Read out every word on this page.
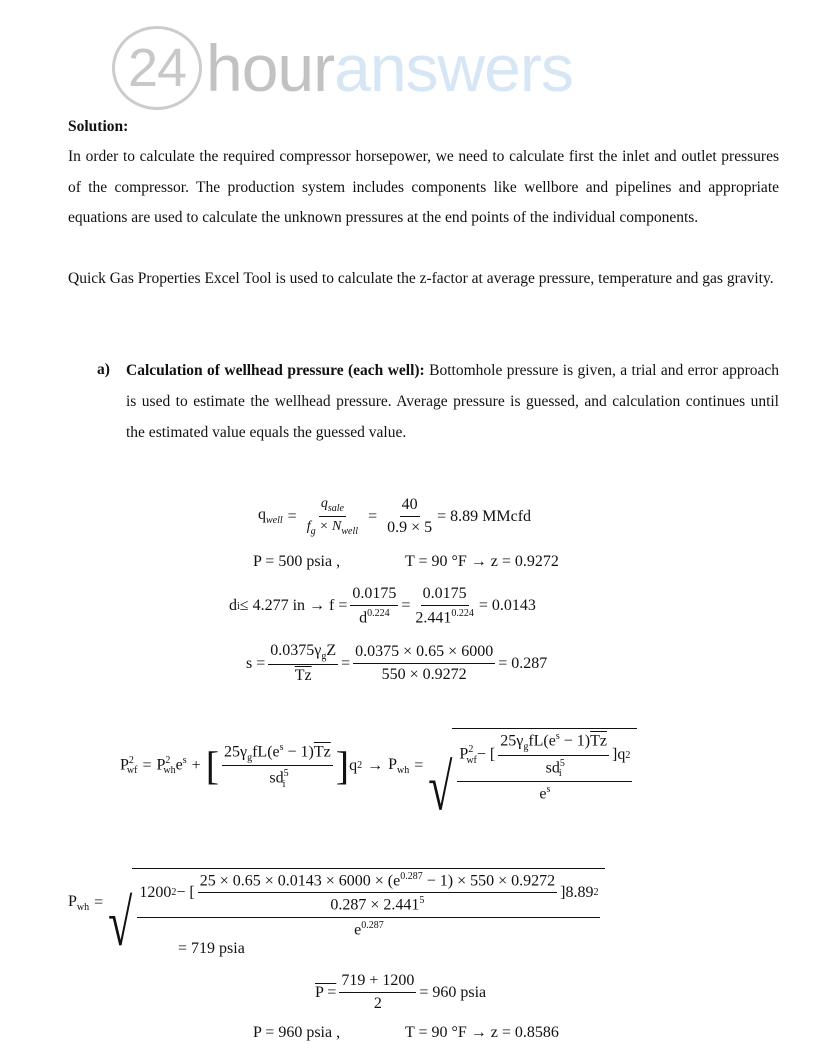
24 hour answers
Solution:
In order to calculate the required compressor horsepower, we need to calculate first the inlet and outlet pressures of the compressor. The production system includes components like wellbore and pipelines and appropriate equations are used to calculate the unknown pressures at the end points of the individual components.
Quick Gas Properties Excel Tool is used to calculate the z-factor at average pressure, temperature and gas gravity.
a) Calculation of wellhead pressure (each well): Bottomhole pressure is given, a trial and error approach is used to estimate the wellhead pressure. Average pressure is guessed, and calculation continues until the estimated value equals the guessed value.
$q_{well} = \frac{q_{sale}}{f_g \times N_{well}} = \frac{40}{0.9 \times 5} = 8.89$ MMcfd
P = 500 psia ,	T = 90 °F → z = 0.9272
d i ≤ 4.277 in → $f = \frac{0.0175}{d^{0.224}} = \frac{0.0175}{2.441^{0.224}} = 0.0143$
$s = \frac{0.0375\gamma_gZ}{Tz} = \frac{0.0375 \times 0.65 \times 6000}{550 \times 0.9272} = 0.287$
$P^2_{wf} = P^2_{wh}e^s$ + [ $\frac{25\gamma_gfL(e^s - 1)\overline{Tz}}{sd^5_i}$ ] q $2 \to P_{wh}$ = √ $\frac{P^2_{wf} - [ \frac{25\gamma_gfL(e^s - 1)\overline{Tz}}{sd^5_i} ]q 2}{e^s}$
$P_{wh}$ = √ 1200 2 − [ $\frac{25 \times 0.65 \times 0.0143 \times 6000 \times (e^{0.287} - 1) \times 550 \times 0.9272}{0.287 \times 2.441^5} ]8.89$ 2
$e^{0.287}$
= 719 psia
$P = \frac{719 + 1200}{2} = 960$ psia
P = 960 psia ,	T = 90 °F → z = 0.8586
